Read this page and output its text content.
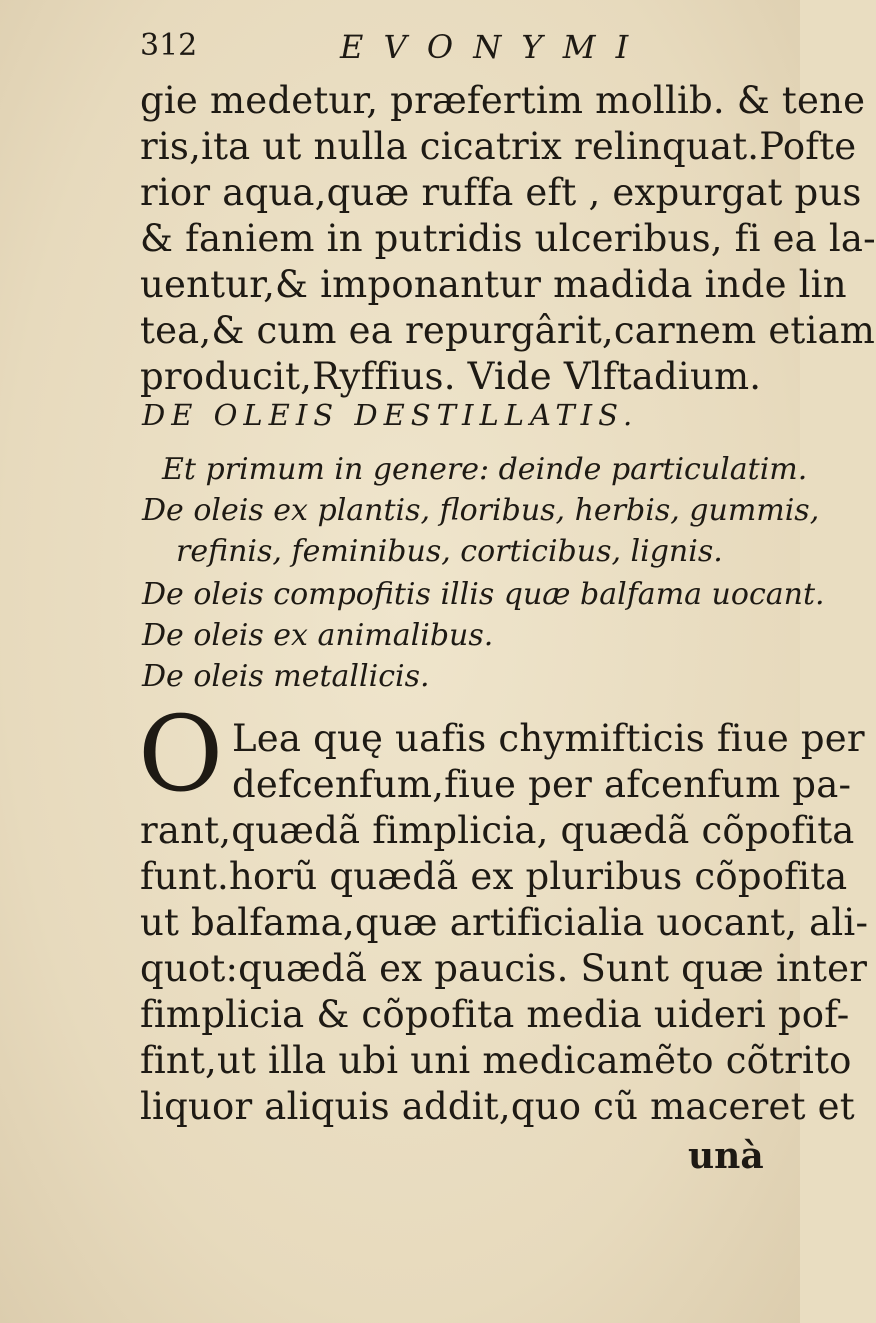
312	E V O N Y M I
gie medetur, præfertim mollib. & tene
ris,ita ut nulla cicatrix relinquat.Pofte
rior aqua,quæ ruffa eft , expurgat pus
& faniem in putridis ulceribus, fi ea la-
uentur,& imponantur madida inde lin
tea,& cum ea repurgârit,carnem etiam
producit,Ryffius. Vide Vlftadium.
DE OLEIS DESTILLATIS.
Et primum in genere: deinde particulatim.
De oleis ex plantis, floribus, herbis, gummis,
refinis, feminibus, corticibus, lignis.
De oleis compofitis illis quæ balfama uocant.
De oleis ex animalibus.
De oleis metallicis.
O Lea quę uafis chymifticis fiue per
defcenfum,fiue per afcenfum pa-
rant,quædã fimplicia, quædã cõpofita
funt.horũ quædã ex pluribus cõpofita
ut balfama,quæ artificialia uocant, ali-
quot:quædã ex paucis. Sunt quæ inter
fimplicia & cõpofita media uideri pof-
fint,ut illa ubi uni medicamẽto cõtrito
liquor aliquis addit,quo cũ maceret et
unà
